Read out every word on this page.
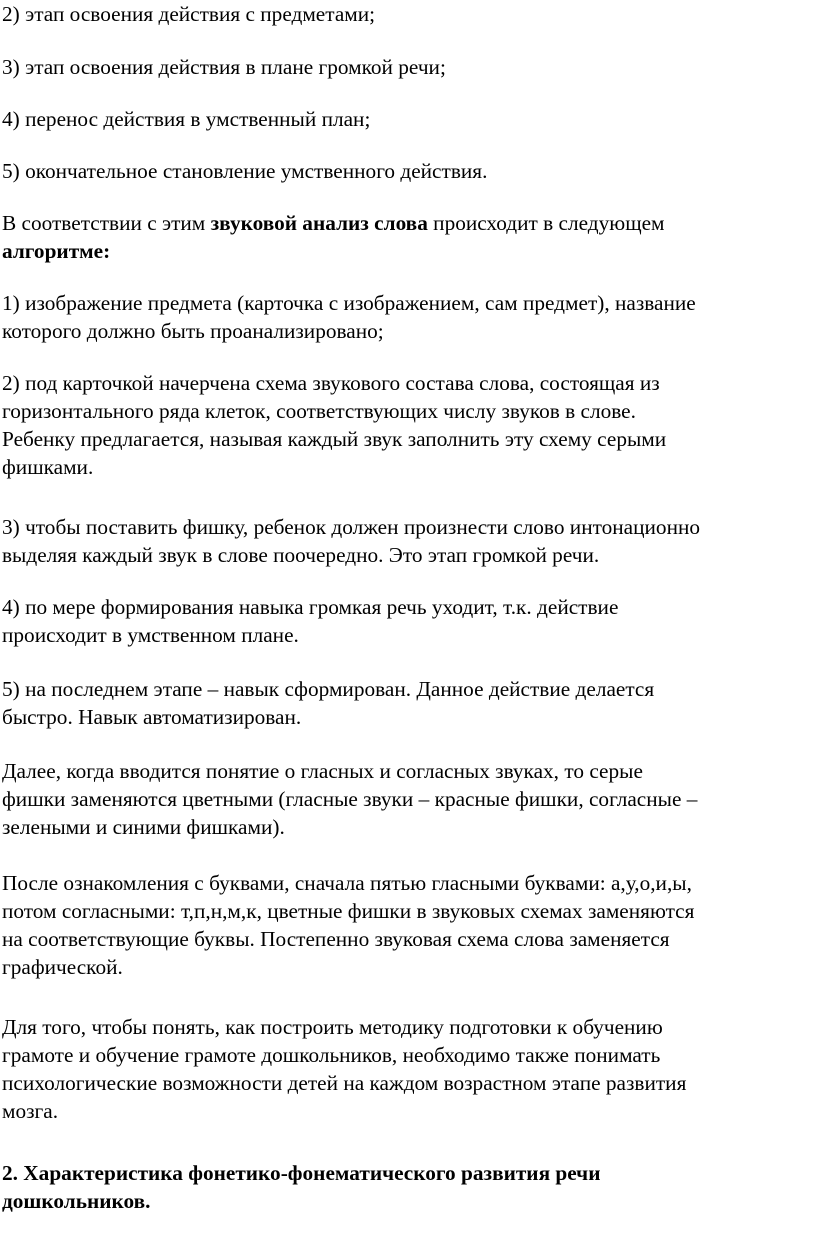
2) этап освоения действия с предметами;

3) этап освоения действия в плане громкой речи;

4) перенос действия в умственный план;

5) окончательное становление умственного действия.

В соответствии с этим звуковой анализ слова происходит в следующем
алгоритме:

1) изображение предмета (карточка с изображением, сам предмет), название
которого должно быть проанализировано;

2) под карточкой начерчена схема звукового состава слова, состоящая из
горизонтального ряда клеток, соответствующих числу звуков в слове.
Ребенку предлагается, называя каждый звук заполнить эту схему серыми
фишками.

3) чтобы поставить фишку, ребенок должен произнести слово интонационно
выделяя каждый звук в слове поочередно. Это этап громкой речи.

4) по мере формирования навыка громкая речь уходит, т.к. действие
происходит в умственном плане.

5) на последнем этапе – навык сформирован. Данное действие делается
быстро. Навык автоматизирован.

Далее, когда вводится понятие о гласных и согласных звуках, то серые
фишки заменяются цветными (гласные звуки – красные фишки, согласные –
зелеными и синими фишками).

После ознакомления с буквами, сначала пятью гласными буквами: а,у,о,и,ы,
потом согласными: т,п,н,м,к, цветные фишки в звуковых схемах заменяются
на соответствующие буквы. Постепенно звуковая схема слова заменяется
графической.

Для того, чтобы понять, как построить методику подготовки к обучению
грамоте и обучение грамоте дошкольников, необходимо также понимать
психологические возможности детей на каждом возрастном этапе развития
мозга.

2. Характеристика фонетико-фонематического развития речи
дошкольников.
